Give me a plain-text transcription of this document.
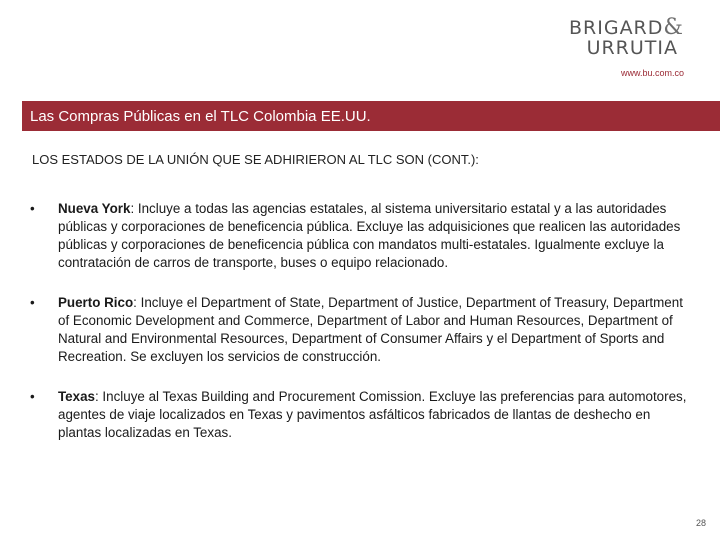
BRIGARD&
URRUTIA
www.bu.com.co
Las Compras Públicas en el TLC Colombia EE.UU.
LOS ESTADOS DE LA UNIÓN QUE SE ADHIRIERON AL TLC SON (CONT.):
•	Nueva York: Incluye a todas las agencias estatales, al sistema universitario estatal y a las autoridades públicas y corporaciones de beneficencia pública. Excluye las adquisiciones que realicen las autoridades públicas y corporaciones de beneficencia pública con mandatos multi-estatales. Igualmente excluye la contratación de carros de transporte, buses o equipo relacionado.
•	Puerto Rico: Incluye el Department of State, Department of Justice, Department of Treasury, Department of Economic Development and Commerce, Department of Labor and Human Resources, Department of Natural and Environmental Resources, Department of Consumer Affairs y el Department of Sports and Recreation. Se excluyen los servicios de construcción.
•	Texas: Incluye al Texas Building and Procurement Comission. Excluye las preferencias para automotores, agentes de viaje localizados en Texas y pavimentos asfálticos fabricados de llantas de deshecho en plantas localizadas en Texas.
28
